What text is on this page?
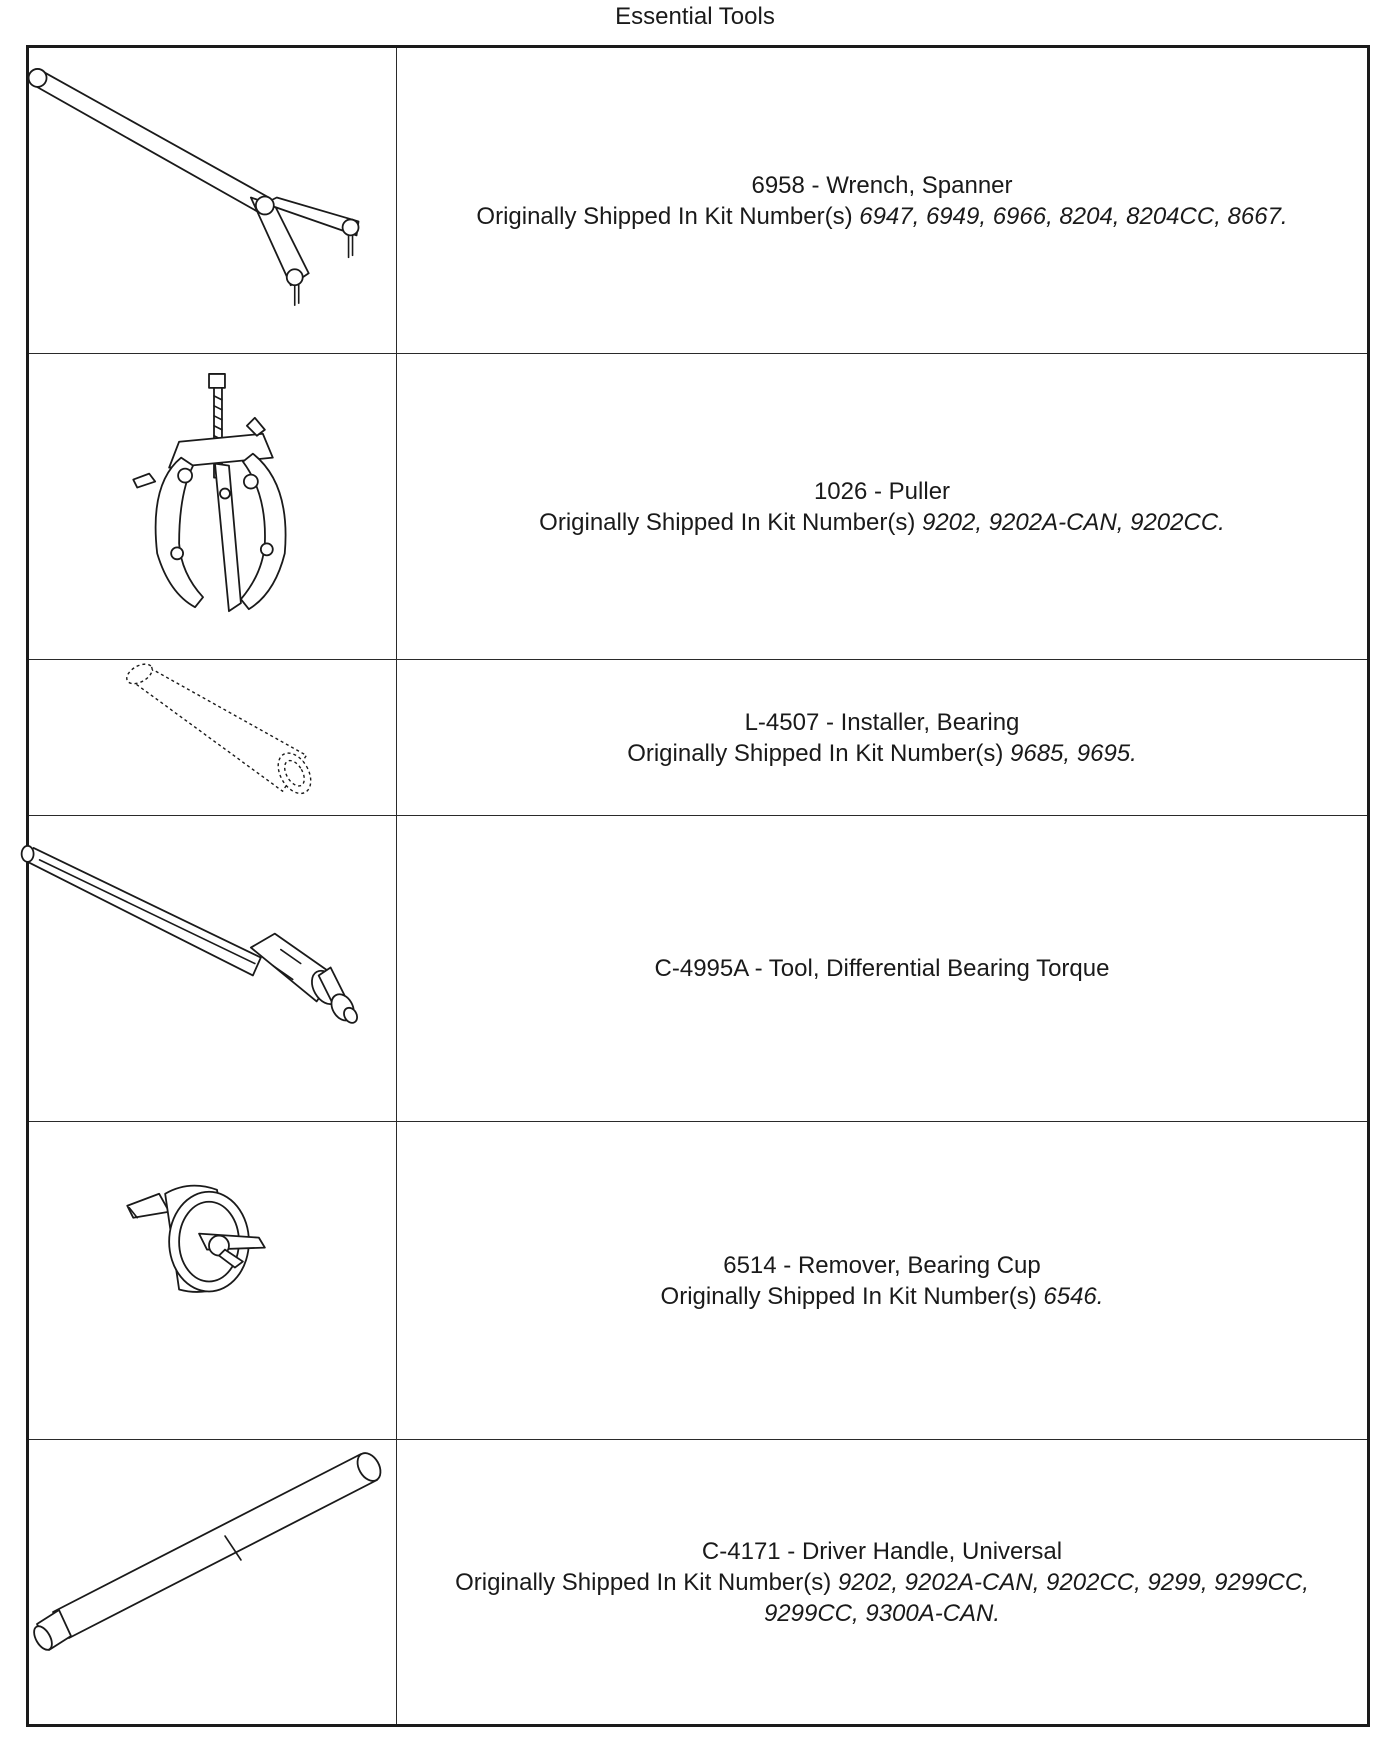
Essential Tools
6958 - Wrench, Spanner
Originally Shipped In Kit Number(s) 6947, 6949, 6966, 8204, 8204CC, 8667.
1026 - Puller
Originally Shipped In Kit Number(s) 9202, 9202A-CAN, 9202CC.
L-4507 - Installer, Bearing
Originally Shipped In Kit Number(s) 9685, 9695.
C-4995A - Tool, Differential Bearing Torque
6514 - Remover, Bearing Cup
Originally Shipped In Kit Number(s) 6546.
C-4171 - Driver Handle, Universal
Originally Shipped In Kit Number(s) 9202, 9202A-CAN, 9202CC, 9299, 9299CC,
9299CC, 9300A-CAN.
